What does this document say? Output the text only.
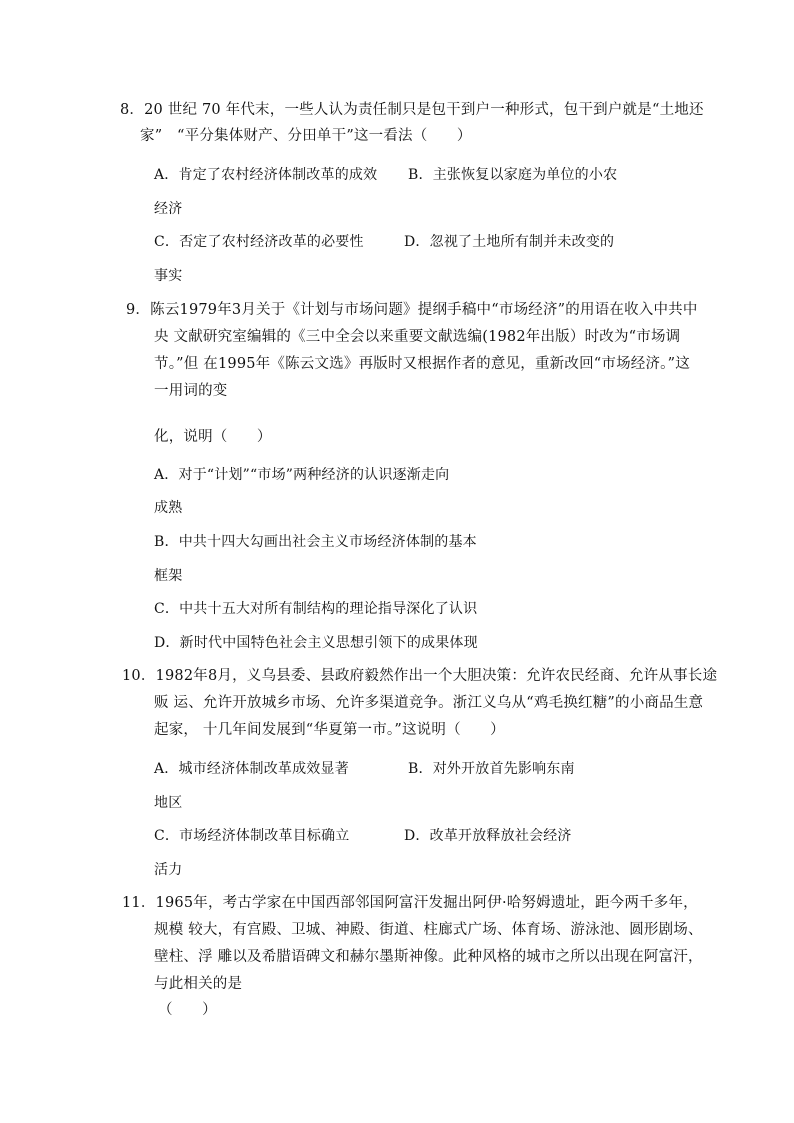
8．20 世纪 70 年代末，一些人认为责任制只是包干到户一种形式，包干到户就是“土地还
家”　“平分集体财产、分田单干”这一看法（　　）
A．肯定了农村经济体制改革的成效 B．主张恢复以家庭为单位的小农
经济
C．否定了农村经济改革的必要性	D．忽视了土地所有制并未改变的
事实
9．陈云1979年3月关于《计划与市场问题》提纲手稿中“市场经济”的用语在收入中共中
央 文献研究室编辑的《三中全会以来重要文献选编(1982年出版）时改为“市场调
节。”但 在1995年《陈云文选》再版时又根据作者的意见，重新改回“市场经济。”这
一用词的变
化，说明（　　）
A．对于“计划”“市场”两种经济的认识逐渐走向
成熟
B．中共十四大勾画出社会主义市场经济体制的基本
框架
C．中共十五大对所有制结构的理论指导深化了认识
D．新时代中国特色社会主义思想引领下的成果体现
10．1982年8月，义乌县委、县政府毅然作出一个大胆决策：允许农民经商、允许从事长途
贩 运、允许开放城乡市场、允许多渠道竞争。浙江义乌从“鸡毛换红糖”的小商品生意
起家， 十几年间发展到“华夏第一市。”这说明（　　）
A．城市经济体制改革成效显著	B．对外开放首先影响东南
地区
C．市场经济体制改革目标确立	D．改革开放释放社会经济
活力
11．1965年，考古学家在中国西部邻国阿富汗发掘出阿伊·哈努姆遗址，距今两千多年，
规模 较大，有宫殿、卫城、神殿、街道、柱廊式广场、体育场、游泳池、圆形剧场、
壁柱、浮 雕以及希腊语碑文和赫尔墨斯神像。此种风格的城市之所以出现在阿富汗，
与此相关的是
（　　）
